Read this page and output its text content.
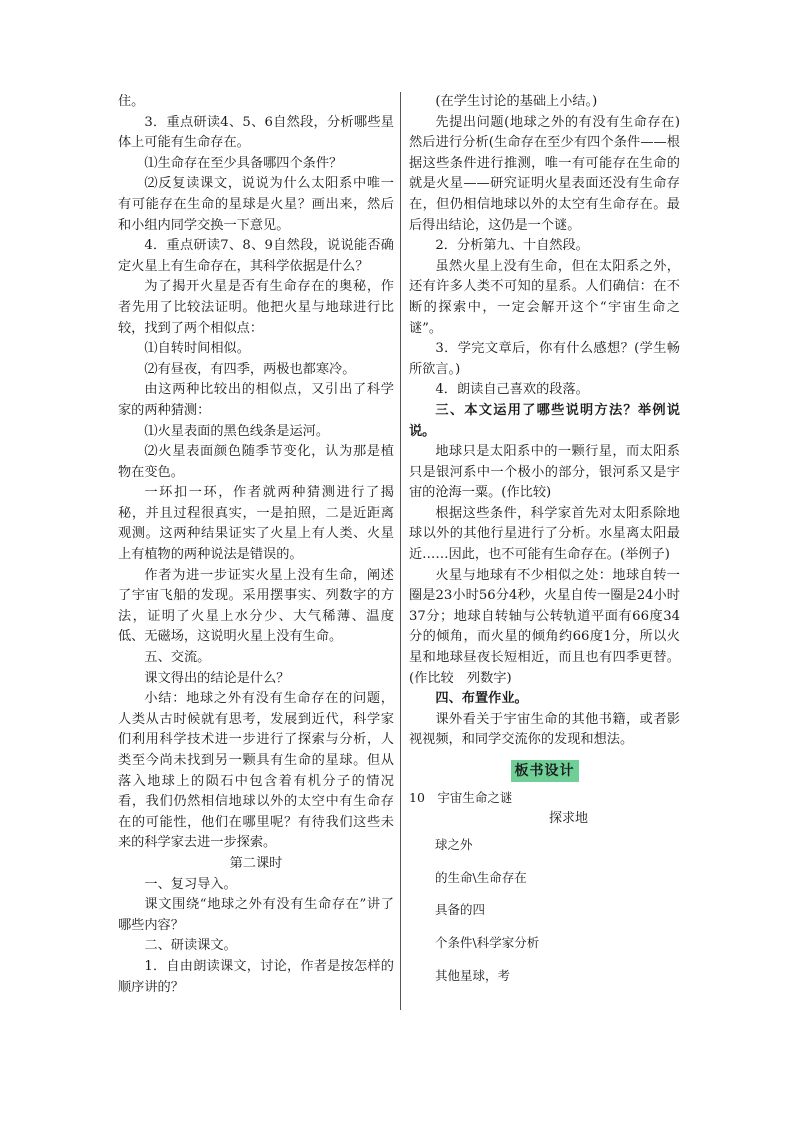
住。

3．重点研读4、5、6自然段，分析哪些星体上可能有生命存在。

⑴生命存在至少具备哪四个条件？

⑵反复读课文，说说为什么太阳系中唯一有可能存在生命的星球是火星？画出来，然后和小组内同学交换一下意见。

4．重点研读7、8、9自然段，说说能否确定火星上有生命存在，其科学依据是什么？

为了揭开火星是否有生命存在的奥秘，作者先用了比较法证明。他把火星与地球进行比较，找到了两个相似点：

⑴自转时间相似。

⑵有昼夜，有四季，两极也都寒冷。

由这两种比较出的相似点，又引出了科学家的两种猜测：

⑴火星表面的黑色线条是运河。

⑵火星表面颜色随季节变化，认为那是植物在变色。

一环扣一环，作者就两种猜测进行了揭秘，并且过程很真实，一是拍照，二是近距离观测。这两种结果证实了火星上有人类、火星上有植物的两种说法是错误的。

作者为进一步证实火星上没有生命，阐述了宇宙飞船的发现。采用摆事实、列数字的方法，证明了火星上水分少、大气稀薄、温度低、无磁场，这说明火星上没有生命。

五、交流。

课文得出的结论是什么？

小结：地球之外有没有生命存在的问题，人类从古时候就有思考，发展到近代，科学家们利用科学技术进一步进行了探索与分析，人类至今尚未找到另一颗具有生命的星球。但从落入地球上的陨石中包含着有机分子的情况看，我们仍然相信地球以外的太空中有生命存在的可能性，他们在哪里呢？有待我们这些未来的科学家去进一步探索。

第二课时

一、复习导入。

课文围绕“地球之外有没有生命存在”讲了哪些内容？

二、研读课文。

1．自由朗读课文，讨论，作者是按怎样的顺序讲的？

(在学生讨论的基础上小结。)

先提出问题(地球之外的有没有生命存在)然后进行分析(生命存在至少有四个条件——根据这些条件进行推测，唯一有可能存在生命的就是火星——研究证明火星表面还没有生命存在，但仍相信地球以外的太空有生命存在。最后得出结论，这仍是一个谜。

2．分析第九、十自然段。

虽然火星上没有生命，但在太阳系之外，还有许多人类不可知的星系。人们确信：在不断的探索中，一定会解开这个“宇宙生命之谜”。

3．学完文章后，你有什么感想？(学生畅所欲言。)

4．朗读自己喜欢的段落。

三、本文运用了哪些说明方法？举例说说。

地球只是太阳系中的一颗行星，而太阳系只是银河系中一个极小的部分，银河系又是宇宙的沧海一粟。(作比较)

根据这些条件，科学家首先对太阳系除地球以外的其他行星进行了分析。水星离太阳最近……因此，也不可能有生命存在。(举例子)

火星与地球有不少相似之处：地球自转一圈是23小时56分4秒，火星自传一圈是24小时37分；地球自转轴与公转轨道平面有66度34分的倾角，而火星的倾角约66度1分，所以火星和地球昼夜长短相近，而且也有四季更替。(作比较　列数字)

四、布置作业。

课外看关于宇宙生命的其他书籍，或者影视视频，和同学交流你的发现和想法。

板书设计

10　宇宙生命之谜

探求地

球之外

的生命\生命存在

具备的四

个条件\科学家分析

其他星球，考
